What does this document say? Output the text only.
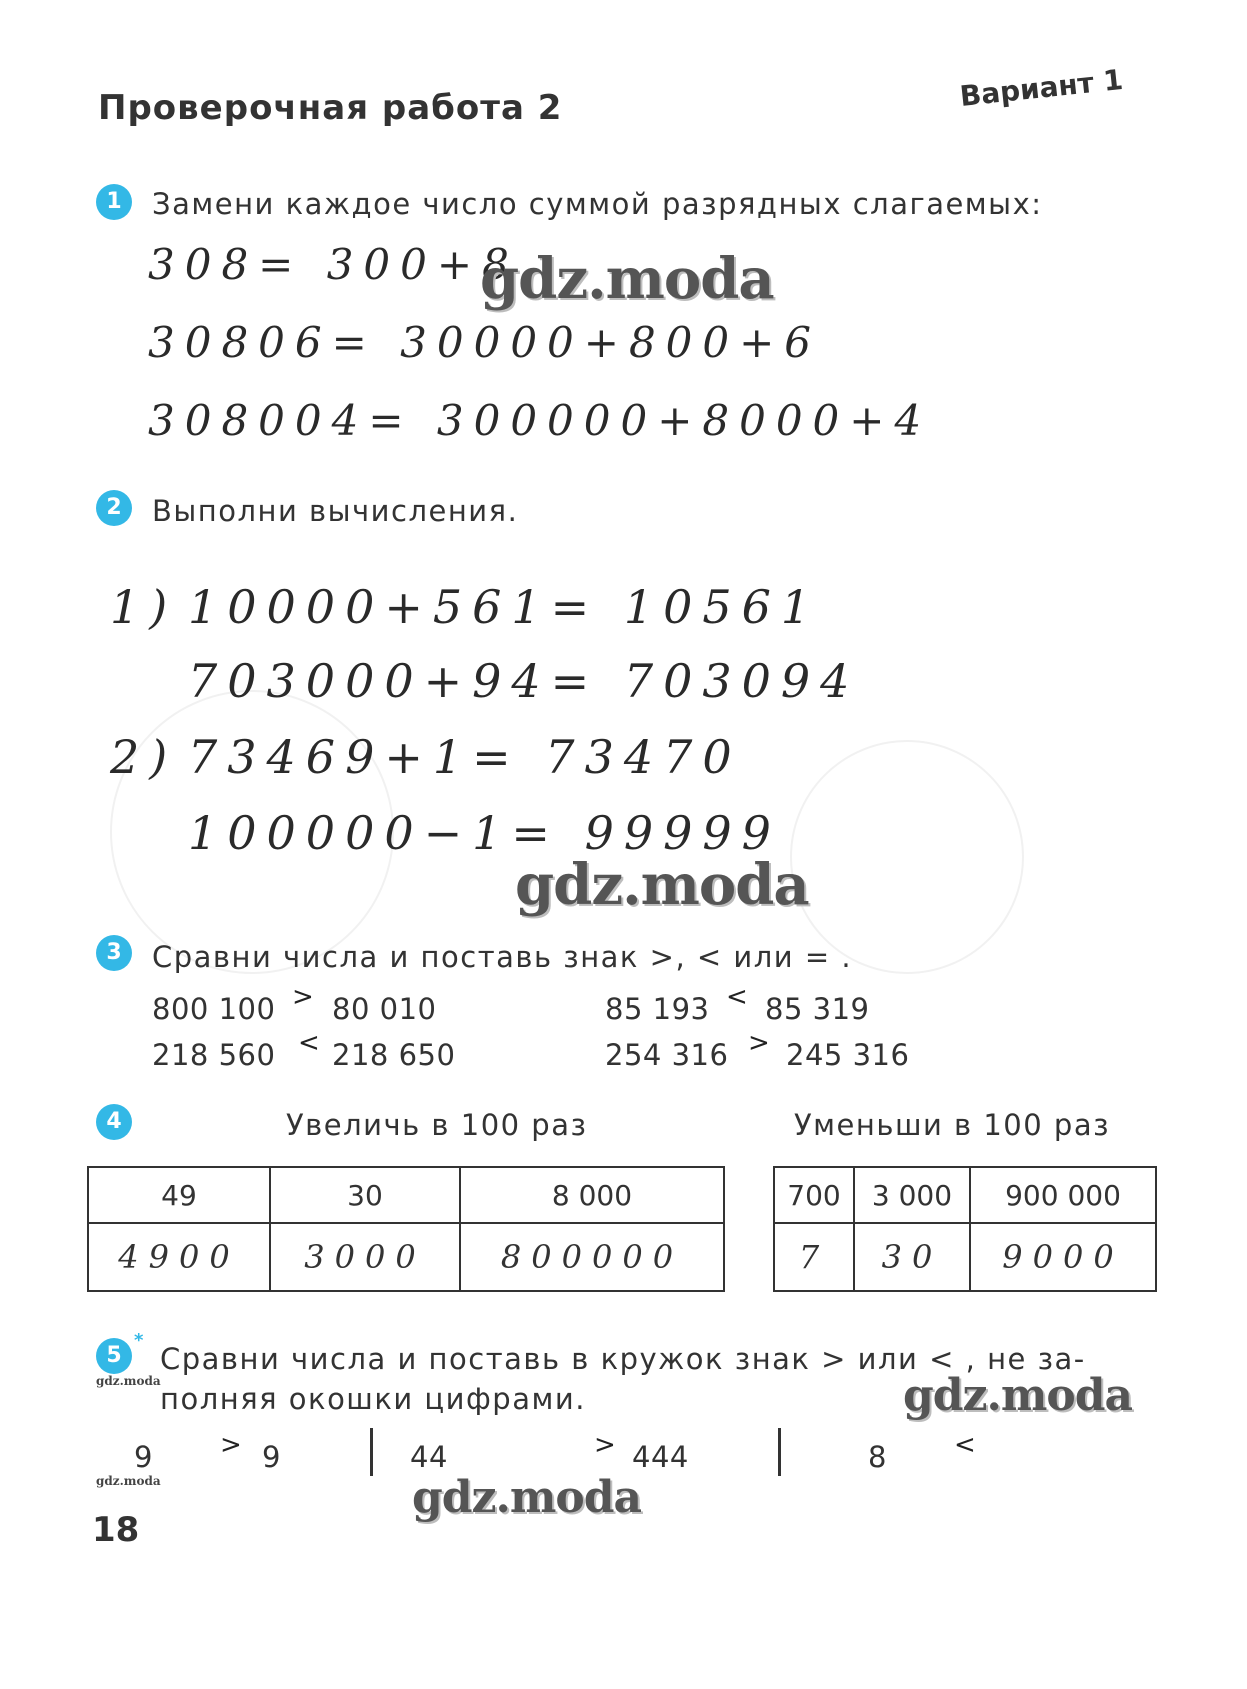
Проверочная работа 2	Вариант 1
1	Замени каждое число суммой разрядных слагаемых:
308= 300+8
30806= 30000+800+6
308004= 300000+8000+4
gdz.moda
2	Выполни вычисления.
1) 10000+561= 10561
703000+94= 703094
2) 73469+1= 73470
100000−1= 99999
gdz.moda
3	Сравни числа и поставь знак >, < или = .
800 100 > 80 010	85 193 < 85 319
218 560 < 218 650	254 316 > 245 316
4	Увеличь в 100 раз	Уменьши в 100 раз
49	30	8 000
4900	3000	800000
700	3 000	900 000
7	30	9000
5
*
gdz.moda
Сравни числа и поставь в кружок знак > или < , не за-
полняя окошки цифрами.	gdz.moda
9	> 9
gdz.moda
44	> 444	8	<
gdz.moda
18
